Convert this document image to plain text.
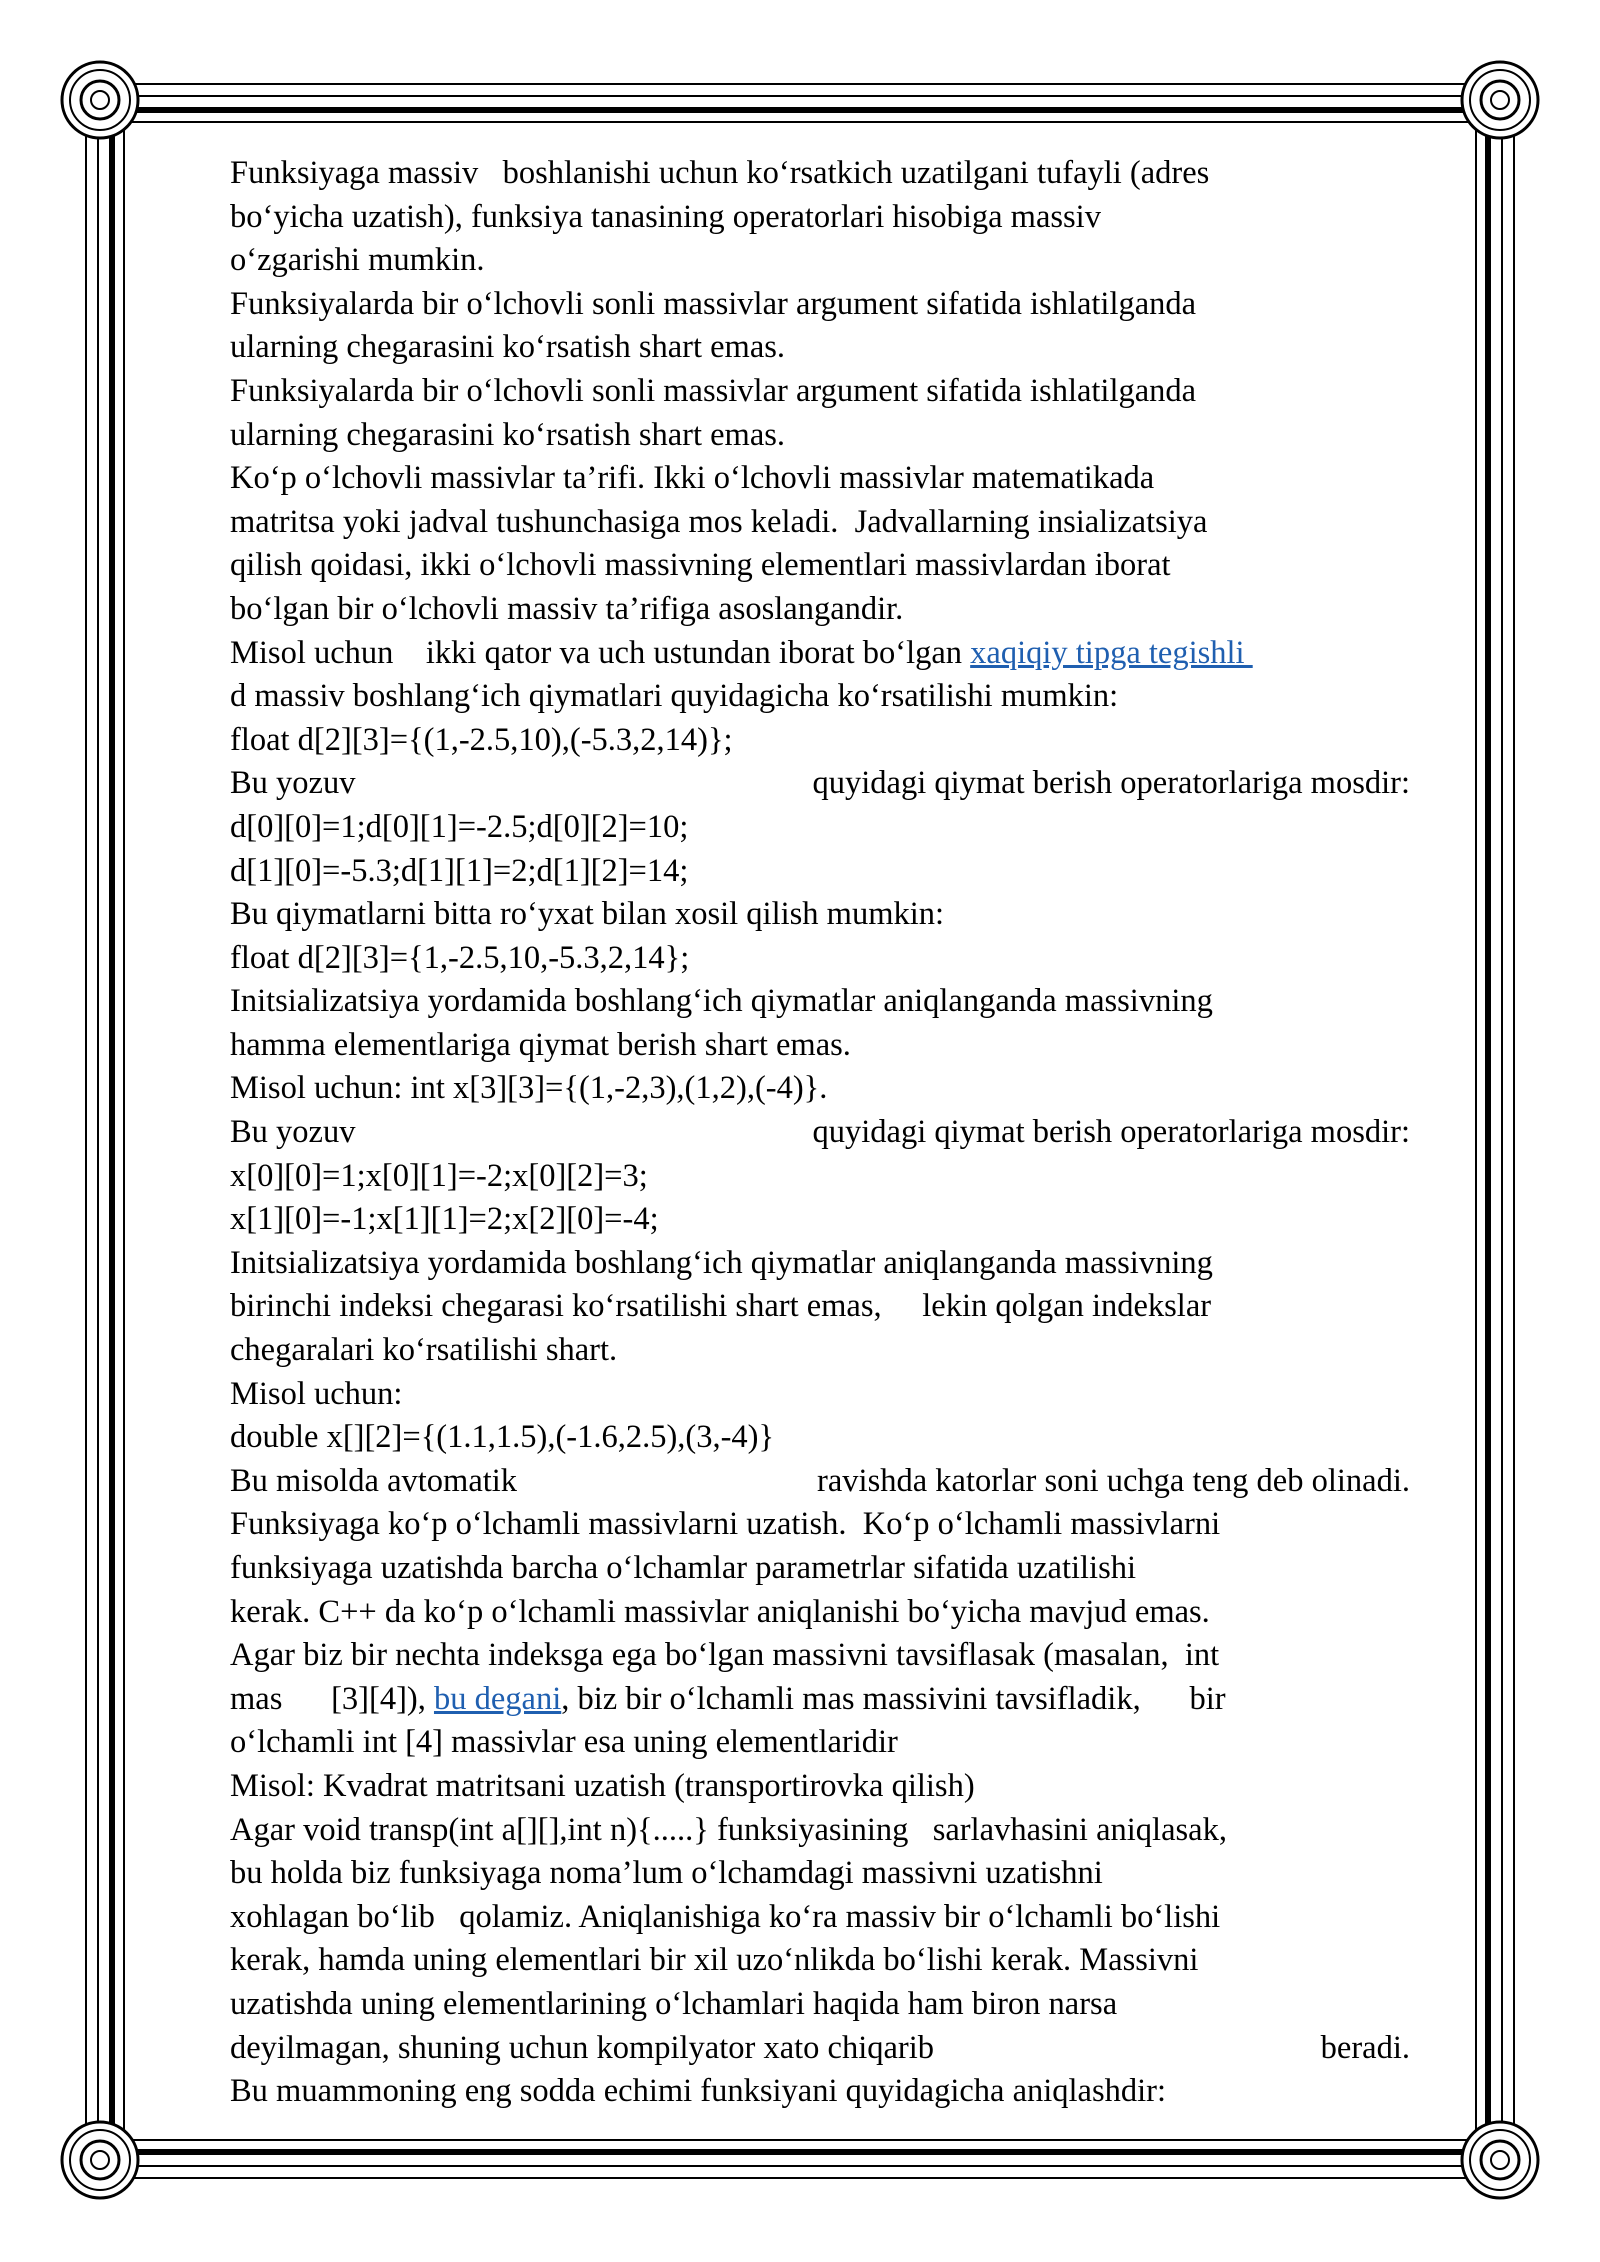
Funksiyaga massiv   boshlanishi uchun ko‘rsatkich uzatilgani tufayli (adres
bo‘yicha uzatish), funksiya tanasining operatorlari hisobiga massiv
o‘zgarishi mumkin.
Funksiyalarda bir o‘lchovli sonli massivlar argument sifatida ishlatilganda
ularning chegarasini ko‘rsatish shart emas.
Funksiyalarda bir o‘lchovli sonli massivlar argument sifatida ishlatilganda
ularning chegarasini ko‘rsatish shart emas.
Ko‘p o‘lchovli massivlar ta’rifi. Ikki o‘lchovli massivlar matematikada
matritsa yoki jadval tushunchasiga mos keladi.  Jadvallarning insializatsiya
qilish qoidasi, ikki o‘lchovli massivning elementlari massivlardan iborat
bo‘lgan bir o‘lchovli massiv ta’rifiga asoslangandir.
Misol uchun    ikki qator va uch ustundan iborat bo‘lgan xaqiqiy tipga tegishli
d massiv boshlang‘ich qiymatlari quyidagicha ko‘rsatilishi mumkin:
float d[2][3]={(1,-2.5,10),(-5.3,2,14)};
Bu yozuv	quyidagi qiymat berish operatorlariga mosdir:
d[0][0]=1;d[0][1]=-2.5;d[0][2]=10;
d[1][0]=-5.3;d[1][1]=2;d[1][2]=14;
Bu qiymatlarni bitta ro‘yxat bilan xosil qilish mumkin:
float d[2][3]={1,-2.5,10,-5.3,2,14};
Initsializatsiya yordamida boshlang‘ich qiymatlar aniqlanganda massivning
hamma elementlariga qiymat berish shart emas.
Misol uchun: int x[3][3]={(1,-2,3),(1,2),(-4)}.
Bu yozuv	quyidagi qiymat berish operatorlariga mosdir:
x[0][0]=1;x[0][1]=-2;x[0][2]=3;
x[1][0]=-1;x[1][1]=2;x[2][0]=-4;
Initsializatsiya yordamida boshlang‘ich qiymatlar aniqlanganda massivning
birinchi indeksi chegarasi ko‘rsatilishi shart emas,     lekin qolgan indekslar
chegaralari ko‘rsatilishi shart.
Misol uchun:
double x[][2]={(1.1,1.5),(-1.6,2.5),(3,-4)}
Bu misolda avtomatik	ravishda katorlar soni uchga teng deb olinadi.
Funksiyaga ko‘p o‘lchamli massivlarni uzatish.  Ko‘p o‘lchamli massivlarni
funksiyaga uzatishda barcha o‘lchamlar parametrlar sifatida uzatilishi
kerak. C++ da ko‘p o‘lchamli massivlar aniqlanishi bo‘yicha mavjud emas.
Agar biz bir nechta indeksga ega bo‘lgan massivni tavsiflasak (masalan,  int
mas      [3][4]), bu degani, biz bir o‘lchamli mas massivini tavsifladik,      bir
o‘lchamli int [4] massivlar esa uning elementlaridir
Misol: Kvadrat matritsani uzatish (transportirovka qilish)
Agar void transp(int a[][],int n){.....} funksiyasining   sarlavhasini aniqlasak,
bu holda biz funksiyaga noma’lum o‘lchamdagi massivni uzatishni
xohlagan bo‘lib   qolamiz. Aniqlanishiga ko‘ra massiv bir o‘lchamli bo‘lishi
kerak, hamda uning elementlari bir xil uzo‘nlikda bo‘lishi kerak. Massivni
uzatishda uning elementlarining o‘lchamlari haqida ham biron narsa
deyilmagan, shuning uchun kompilyator xato chiqarib	beradi.
Bu muammoning eng sodda echimi funksiyani quyidagicha aniqlashdir:
